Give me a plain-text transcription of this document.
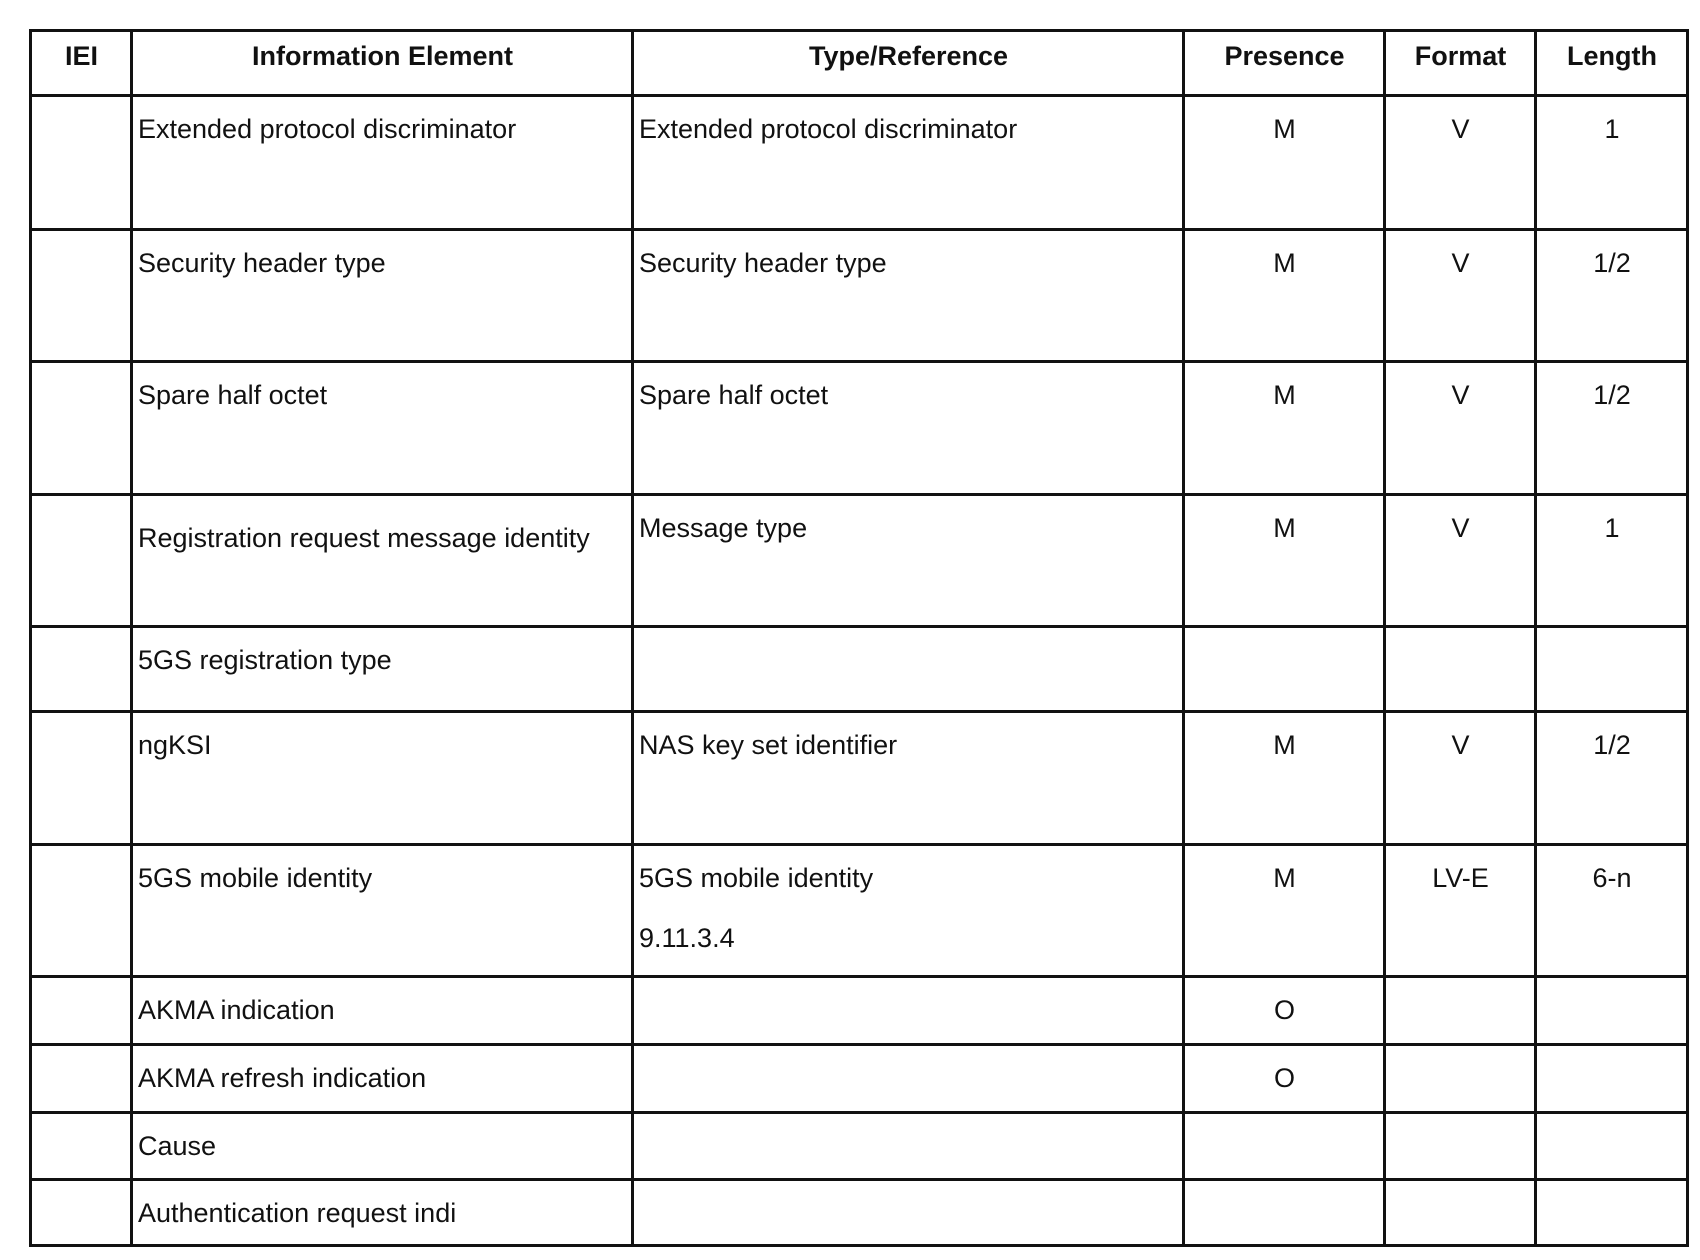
IEI	Information Element	Type/Reference	Presence	Format	Length
	Extended protocol discriminator	Extended protocol discriminator	M	V	1
	Security header type	Security header type	M	V	1/2
	Spare half octet	Spare half octet	M	V	1/2
	Registration request message identity	Message type	M	V	1
	5GS registration type				
	ngKSI	NAS key set identifier	M	V	1/2
	5GS mobile identity	5GS mobile identity
9.11.3.4
	M	LV-E	6-n
	AKMA indication		O		
	AKMA refresh indication		O		
	Cause				
	Authentication request indi				
